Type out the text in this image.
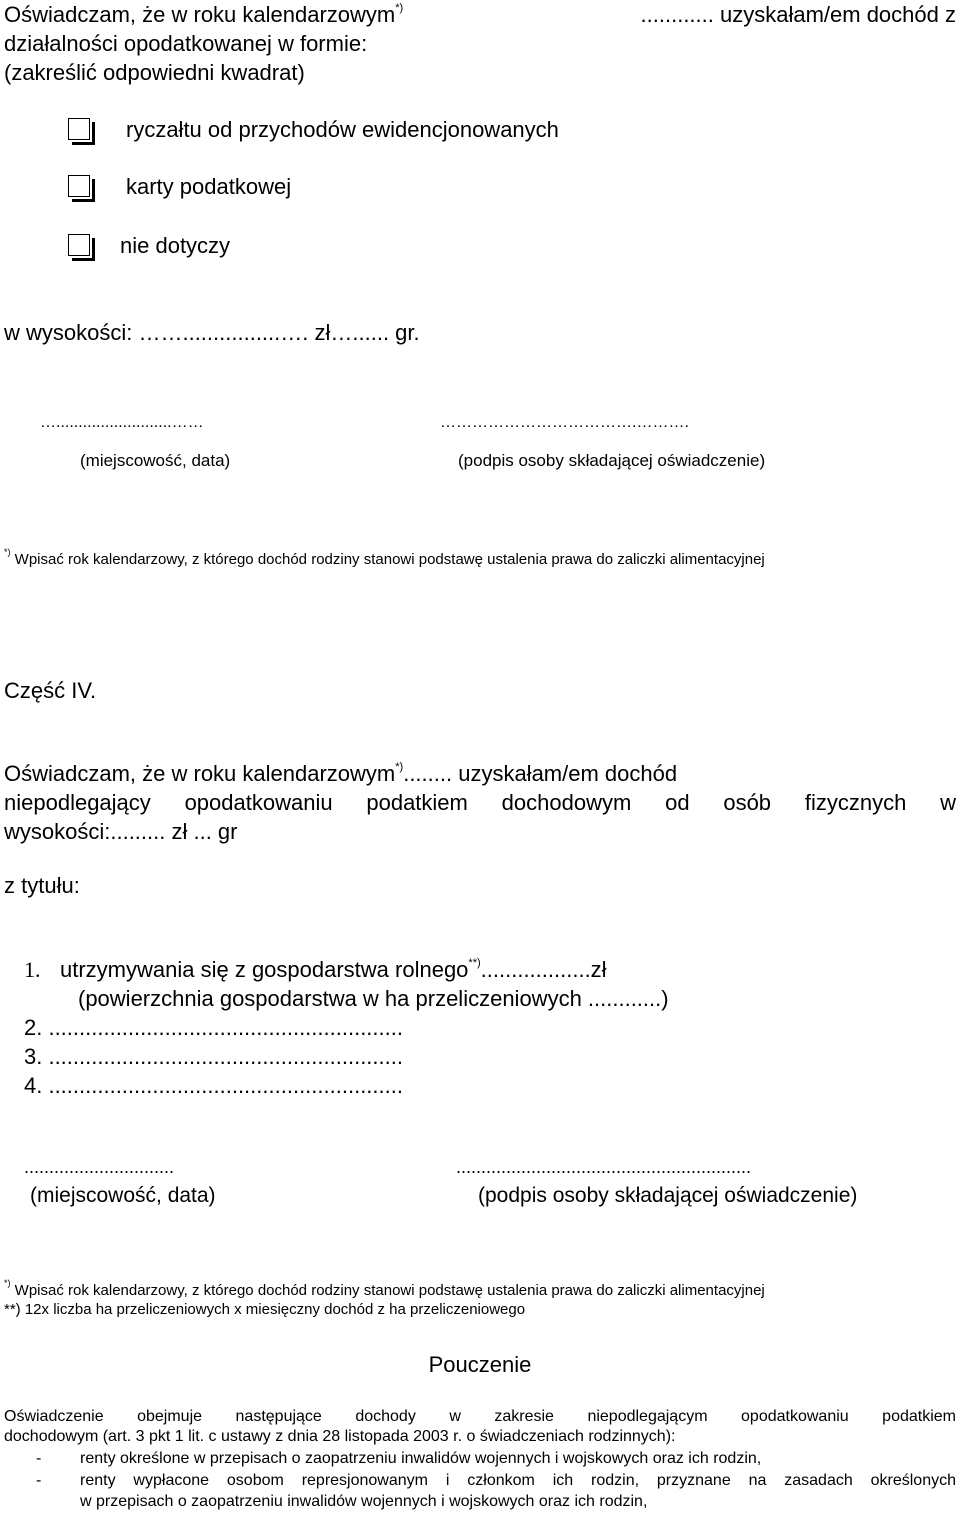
Oświadczam, że w roku kalendarzowym*)	............ uzyskałam/em dochód z
działalności opodatkowanej w formie:
(zakreślić odpowiedni kwadrat)
ryczałtu od przychodów ewidencjonowanych
karty podatkowej
nie dotyczy
w wysokości: ……................…. zł…...... gr.
…..........................……	……………………………….……….
(miejscowość, data)	(podpis osoby składającej oświadczenie)
*) Wpisać rok kalendarzowy, z którego dochód rodziny stanowi podstawę ustalenia prawa do zaliczki alimentacyjnej
Część IV.
Oświadczam, że w roku kalendarzowym*)........ uzyskałam/em dochód
niepodlegający opodatkowaniu podatkiem dochodowym od osób fizycznych w
wysokości:......... zł ... gr
z tytułu:
1. utrzymywania się z gospodarstwa rolnego**)..................zł
(powierzchnia gospodarstwa w ha przeliczeniowych ............)
2. ..........................................................
3. ..........................................................
4. ..........................................................
..............................	...........................................................
(miejscowość, data)	(podpis osoby składającej oświadczenie)
*) Wpisać rok kalendarzowy, z którego dochód rodziny stanowi podstawę ustalenia prawa do zaliczki alimentacyjnej
**) 12x liczba ha przeliczeniowych x miesięczny dochód z ha przeliczeniowego
Pouczenie
Oświadczenie obejmuje następujące dochody w zakresie niepodlegającym opodatkowaniu podatkiem
dochodowym (art. 3 pkt 1 lit. c ustawy z dnia 28 listopada 2003 r. o świadczeniach rodzinnych):
- renty określone w przepisach o zaopatrzeniu inwalidów wojennych i wojskowych oraz ich rodzin,
- renty wypłacone osobom represjonowanym i członkom ich rodzin, przyznane na zasadach określonych
w przepisach o zaopatrzeniu inwalidów wojennych i wojskowych oraz ich rodzin,
